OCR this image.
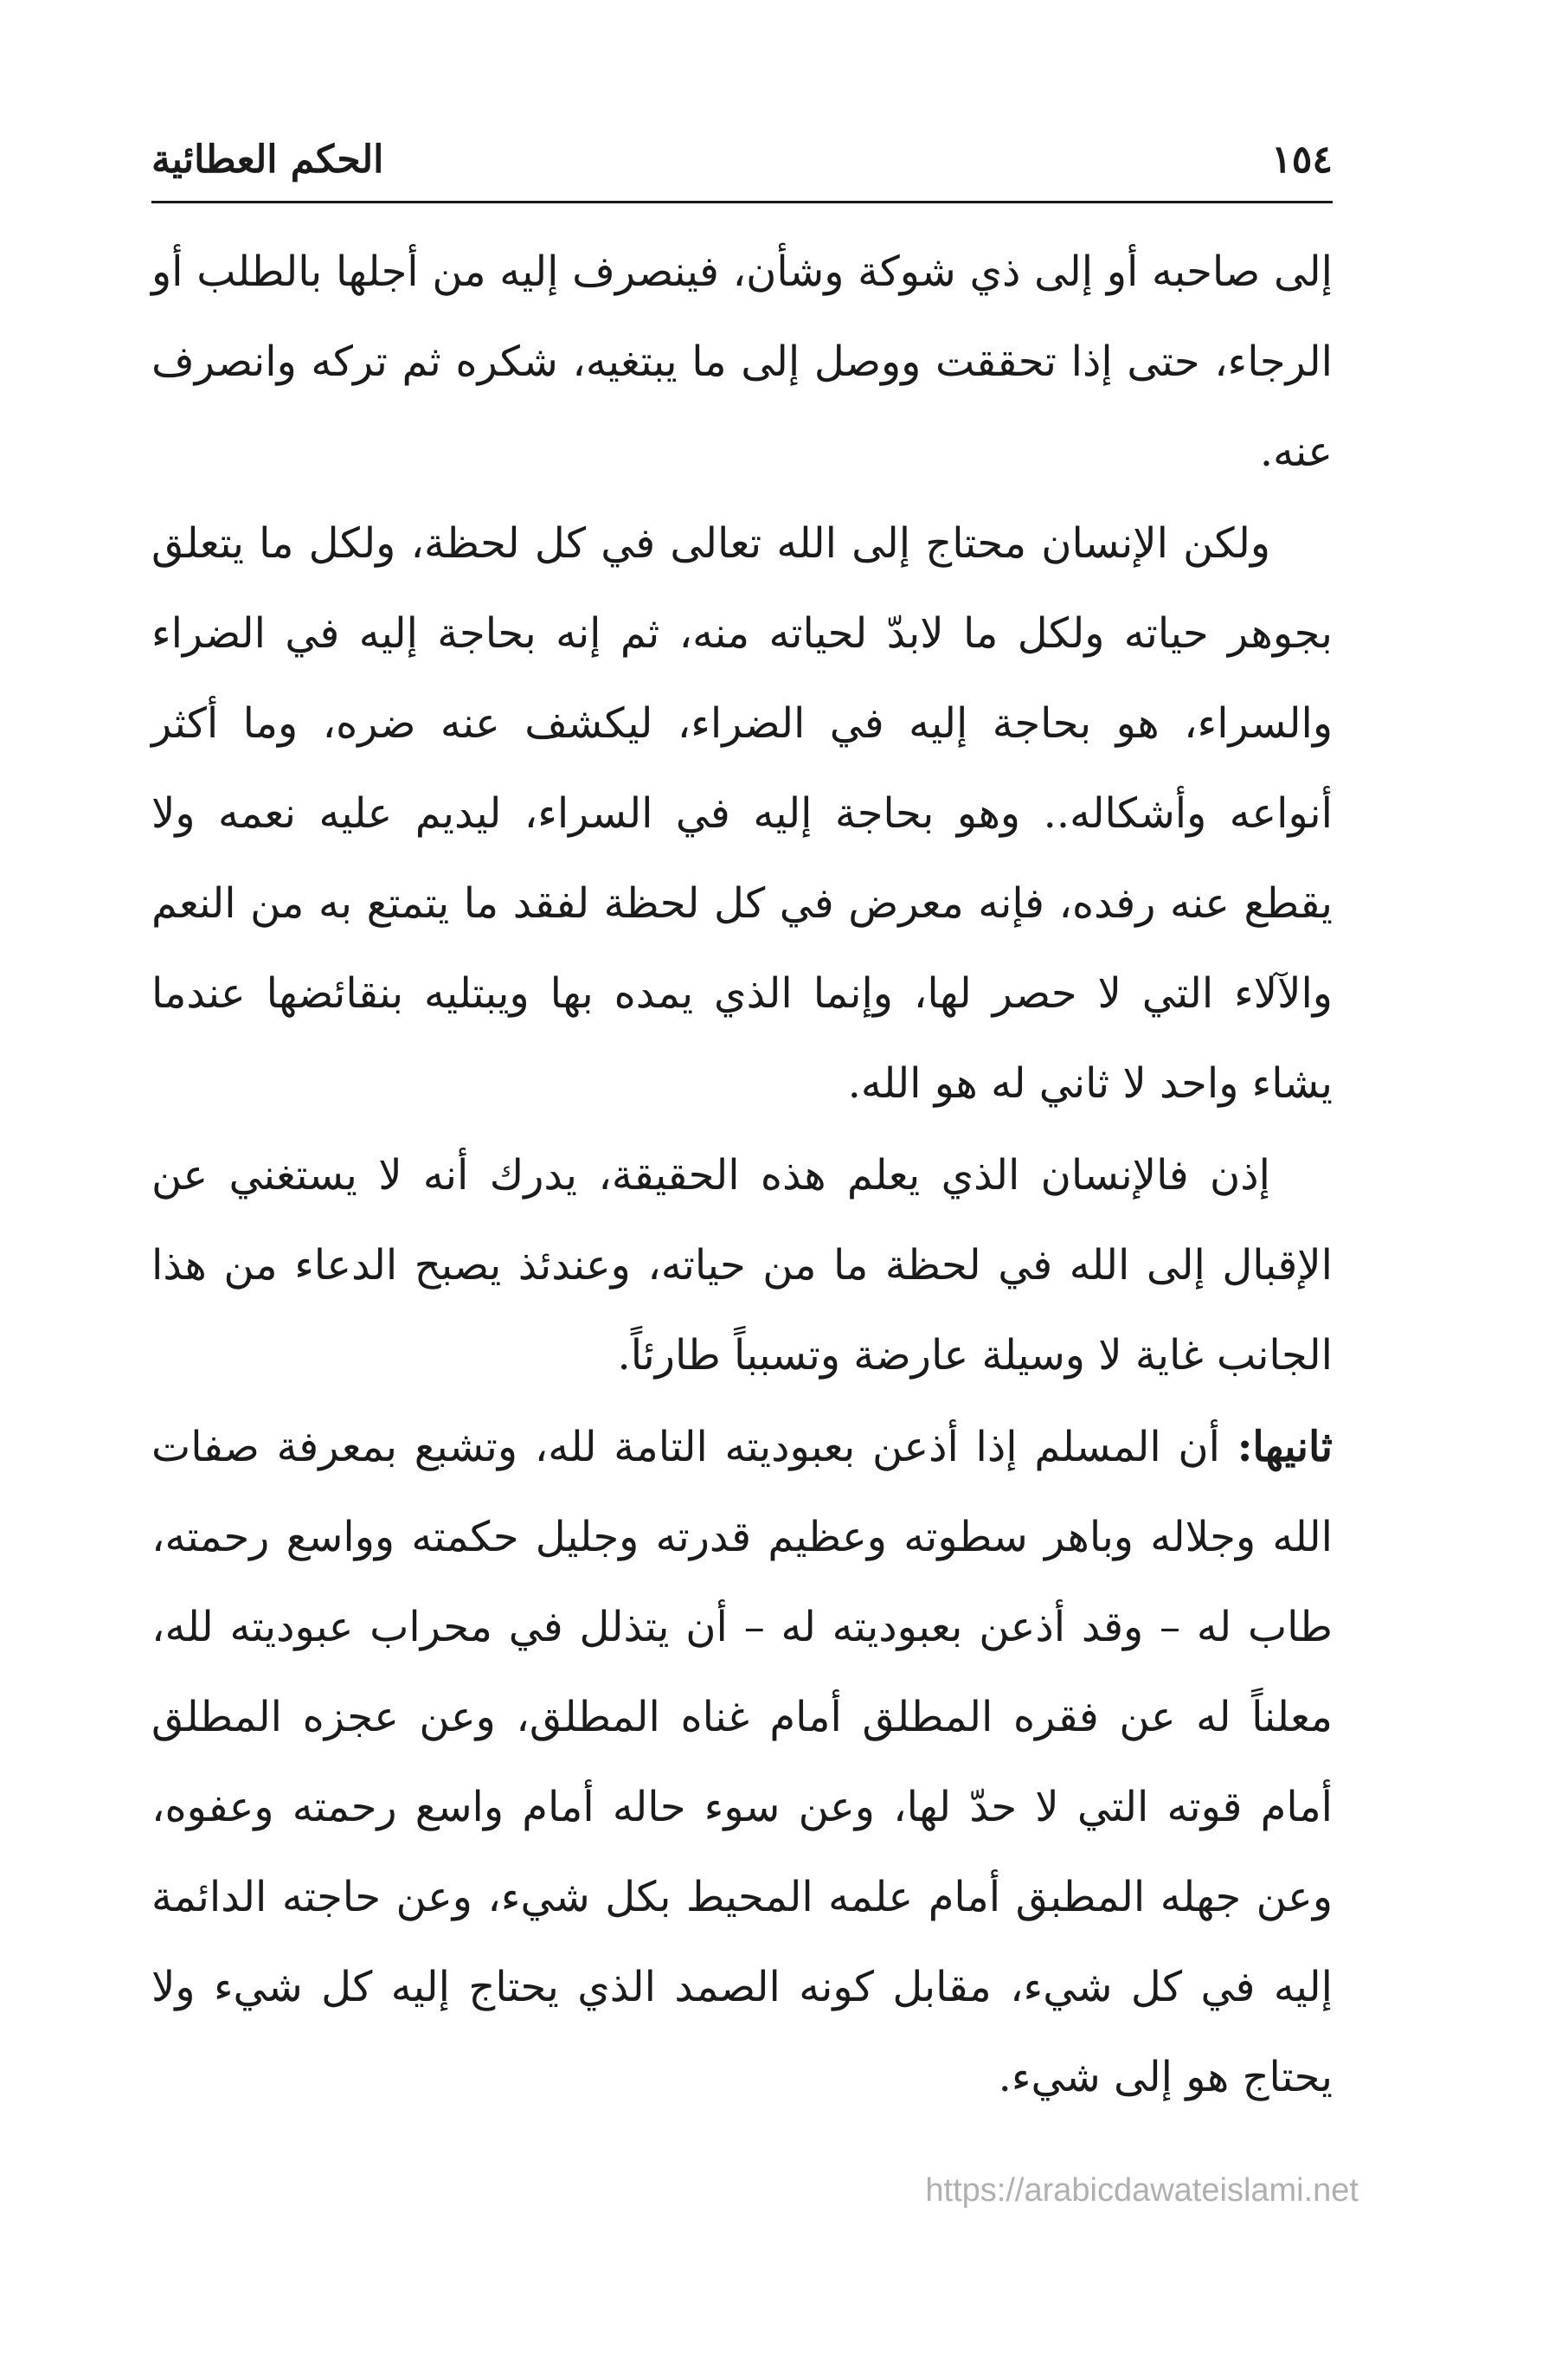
١٥٤
الحكم العطائية

إلى صاحبه أو إلى ذي شوكة وشأن، فينصرف إليه من أجلها بالطلب أو الرجاء، حتى إذا تحققت ووصل إلى ما يبتغيه، شكره ثم تركه وانصرف عنه.

ولكن الإنسان محتاج إلى الله تعالى في كل لحظة، ولكل ما يتعلق بجوهر حياته ولكل ما لابدّ لحياته منه، ثم إنه بحاجة إليه في الضراء والسراء، هو بحاجة إليه في الضراء، ليكشف عنه ضره، وما أكثر أنواعه وأشكاله.. وهو بحاجة إليه في السراء، ليديم عليه نعمه ولا يقطع عنه رفده، فإنه معرض في كل لحظة لفقد ما يتمتع به من النعم والآلاء التي لا حصر لها، وإنما الذي يمده بها ويبتليه بنقائضها عندما يشاء واحد لا ثاني له هو الله.

إذن فالإنسان الذي يعلم هذه الحقيقة، يدرك أنه لا يستغني عن الإقبال إلى الله في لحظة ما من حياته، وعندئذ يصبح الدعاء من هذا الجانب غاية لا وسيلة عارضة وتسبباً طارئاً.

ثانيها: أن المسلم إذا أذعن بعبوديته التامة لله، وتشبع بمعرفة صفات الله وجلاله وباهر سطوته وعظيم قدرته وجليل حكمته وواسع رحمته، طاب له – وقد أذعن بعبوديته له – أن يتذلل في محراب عبوديته لله، معلناً له عن فقره المطلق أمام غناه المطلق، وعن عجزه المطلق أمام قوته التي لا حدّ لها، وعن سوء حاله أمام واسع رحمته وعفوه، وعن جهله المطبق أمام علمه المحيط بكل شيء، وعن حاجته الدائمة إليه في كل شيء، مقابل كونه الصمد الذي يحتاج إليه كل شيء ولا يحتاج هو إلى شيء.

https://arabicdawateislami.net
